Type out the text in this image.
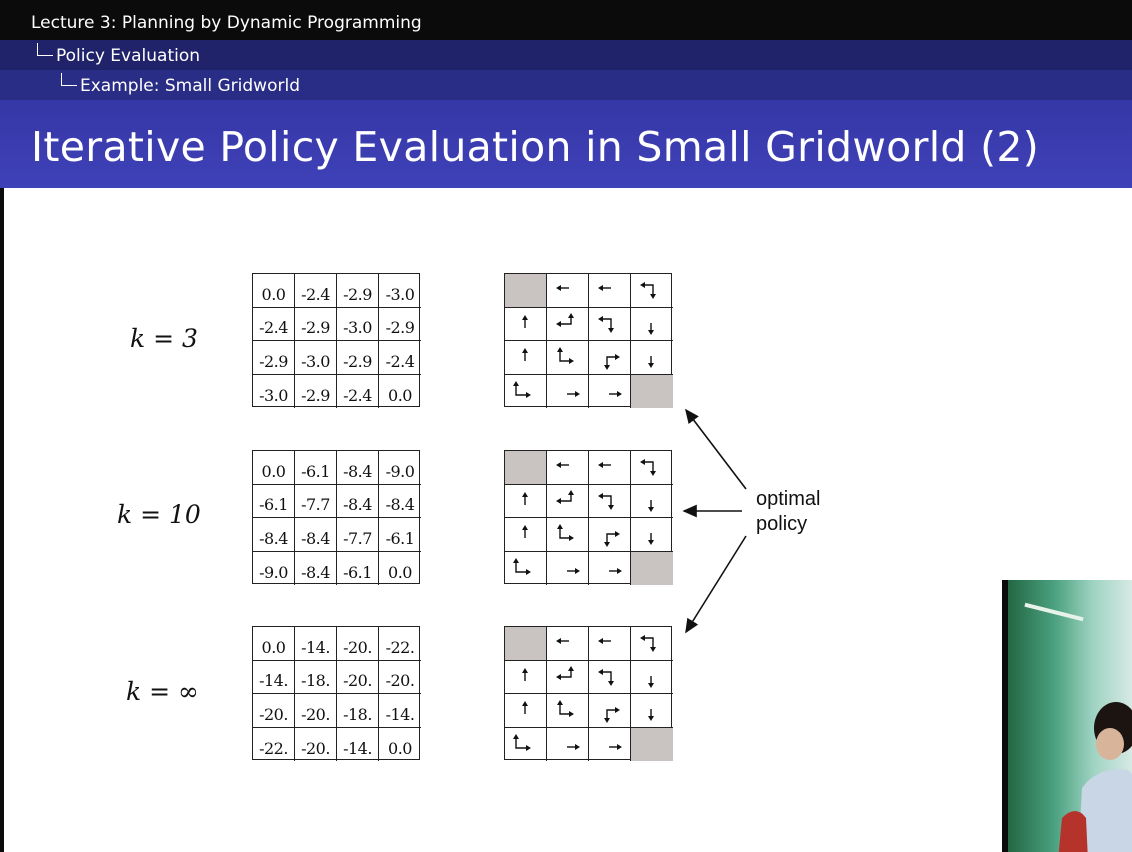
Lecture 3: Planning by Dynamic Programming
Policy Evaluation
Example: Small Gridworld
Iterative Policy Evaluation in Small Gridworld (2)
k = 3
k = 10
k = ∞
0.0 -2.4 -2.9 -3.0
-2.4 -2.9 -3.0 -2.9
-2.9 -3.0 -2.9 -2.4
-3.0 -2.9 -2.4	0.0
0.0 -6.1 -8.4 -9.0
-6.1 -7.7 -8.4 -8.4
-8.4 -8.4 -7.7 -6.1
-9.0 -8.4 -6.1	0.0
0.0 -14. -20. -22.
-14. -18. -20. -20.
-20. -20. -18. -14.
-22. -20. -14.	0.0
optimal
policy
